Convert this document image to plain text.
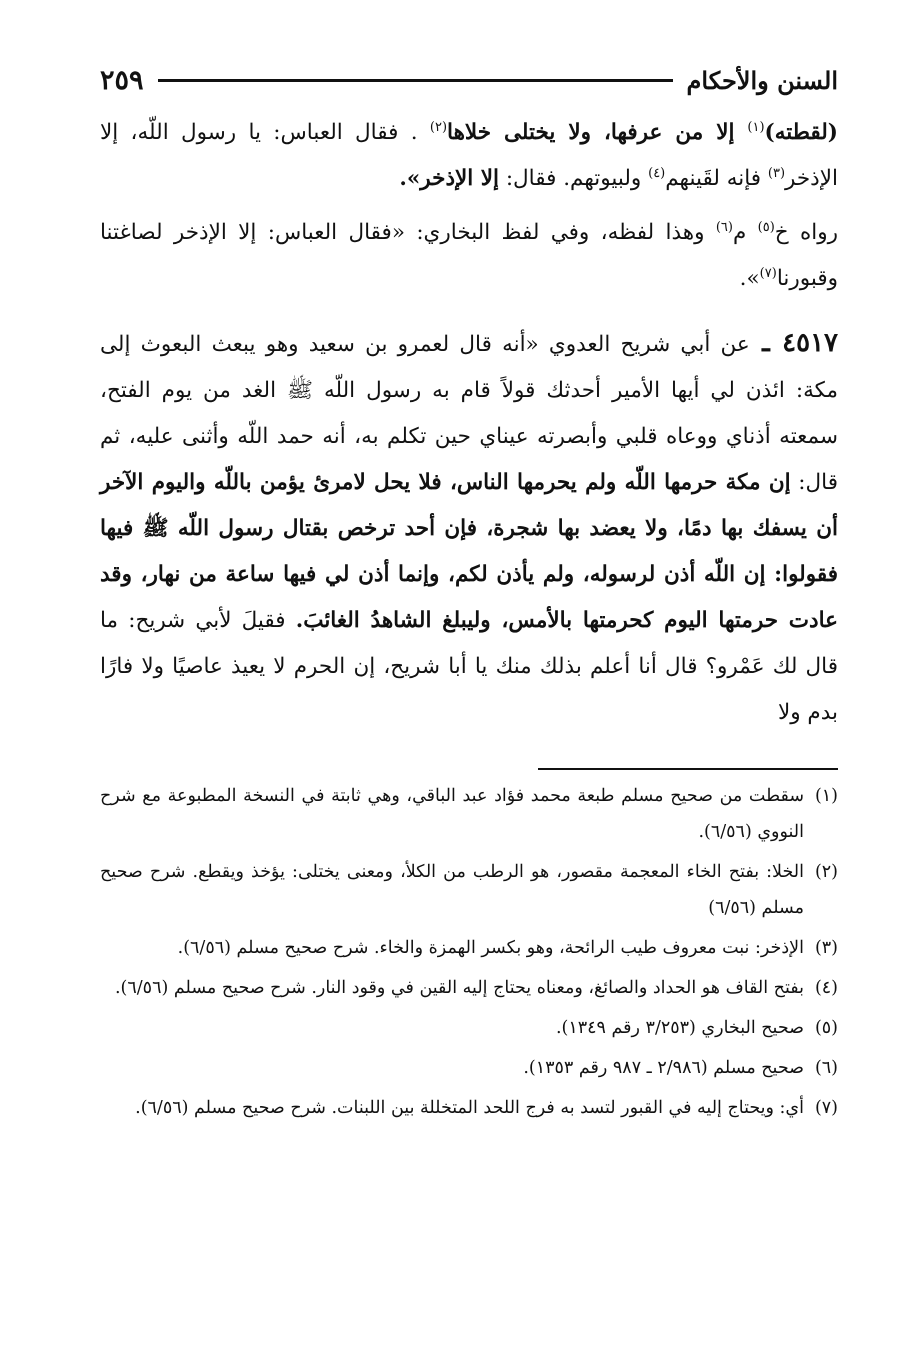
السنن والأحكام
٢٥٩

(لقطته)$^{(١)}$ إلا من عرفها، ولا يختلى خلاها$^{(٢)}$ . فقال العباس: يا رسول اللّه، إلا الإذخر$^{(٣)}$ فإنه لقَينهم$^{(٤)}$ ولبيوتهم. فقال: إلا الإذخر».

رواه خ$^{(٥)}$ م$^{(٦)}$ وهذا لفظه، وفي لفظ البخاري: «فقال العباس: إلا الإذخر لصاغتنا وقبورنا$^{(٧)}$».

٤٥١٧ ـ عن أبي شريح العدوي «أنه قال لعمرو بن سعيد وهو يبعث البعوث إلى مكة: ائذن لي أيها الأمير أحدثك قولاً قام به رسول اللّه ﷺ الغد من يوم الفتح، سمعته أذناي ووعاه قلبي وأبصرته عيناي حين تكلم به، أنه حمد اللّه وأثنى عليه، ثم قال: إن مكة حرمها اللّه ولم يحرمها الناس، فلا يحل لامرئ يؤمن باللّه واليوم الآخر أن يسفك بها دمًا، ولا يعضد بها شجرة، فإن أحد ترخص بقتال رسول اللّه ﷺ فيها فقولوا: إن اللّه أذن لرسوله، ولم يأذن لكم، وإنما أذن لي فيها ساعة من نهار، وقد عادت حرمتها اليوم كحرمتها بالأمس، وليبلغ الشاهدُ الغائبَ. فقيلَ لأبي شريح: ما قال لك عَمْرو؟ قال أنا أعلم بذلك منك يا أبا شريح، إن الحرم لا يعيذ عاصيًا ولا فارًا بدم ولا

(١)
سقطت من صحيح مسلم طبعة محمد فؤاد عبد الباقي، وهي ثابتة في النسخة المطبوعة مع شرح النووي (٦/٥٦).
(٢)
الخلا: بفتح الخاء المعجمة مقصور، هو الرطب من الكلأ، ومعنى يختلى: يؤخذ ويقطع. شرح صحيح مسلم (٦/٥٦)
(٣)
الإذخر: نبت معروف طيب الرائحة، وهو بكسر الهمزة والخاء. شرح صحيح مسلم (٦/٥٦).
(٤)
بفتح القاف هو الحداد والصائغ، ومعناه يحتاج إليه القين في وقود النار. شرح صحيح مسلم (٦/٥٦).
(٥)
صحيح البخاري (٣/٢٥٣ رقم ١٣٤٩).
(٦)
صحيح مسلم (٢/٩٨٦ ـ ٩٨٧ رقم ١٣٥٣).
(٧)
أي: ويحتاج إليه في القبور لتسد به فرج اللحد المتخللة بين اللبنات. شرح صحيح مسلم (٦/٥٦).
